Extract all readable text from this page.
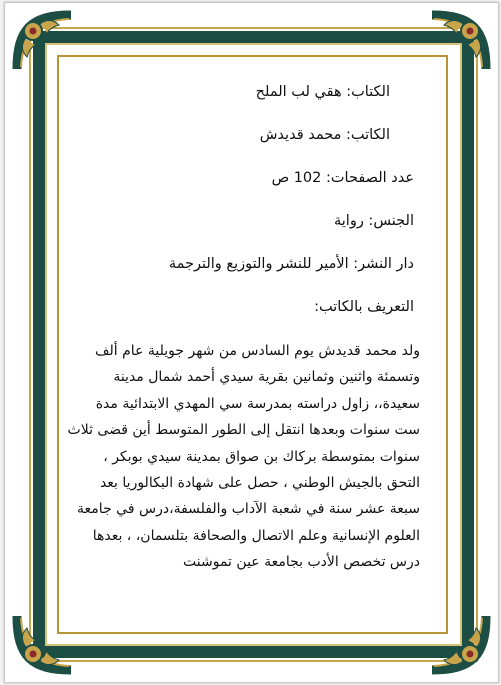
الكتاب: هقي لب الملح
الكاتب: محمد قديدش
عدد الصفحات: 102 ص
الجنس: رواية
دار النشر: الأمير للنشر والتوزيع والترجمة
التعريف بالكاتب:
ولد محمد قديدش يوم السادس من شهر جويلية عام ألف
وتسمئة واثنين وثمانين بقرية سيدي أحمد شمال مدينة
سعيدة،، زاول دراسته بمدرسة سي المهدي الابتدائية مدة
ست سنوات وبعدها انتقل إلى الطور المتوسط أين قضى ثلاث
سنوات بمتوسطة بركاك بن صواق بمدينة سيدي بوبكر ،
التحق بالجيش الوطني ، حصل على شهادة البكالوريا بعد
سبعة عشر سنة في شعبة الآداب والفلسفة،درس في جامعة
العلوم الإنسانية وعلم الاتصال والصحافة بتلسمان، ، بعدها
درس تخصص الأدب بجامعة عين تموشنت
